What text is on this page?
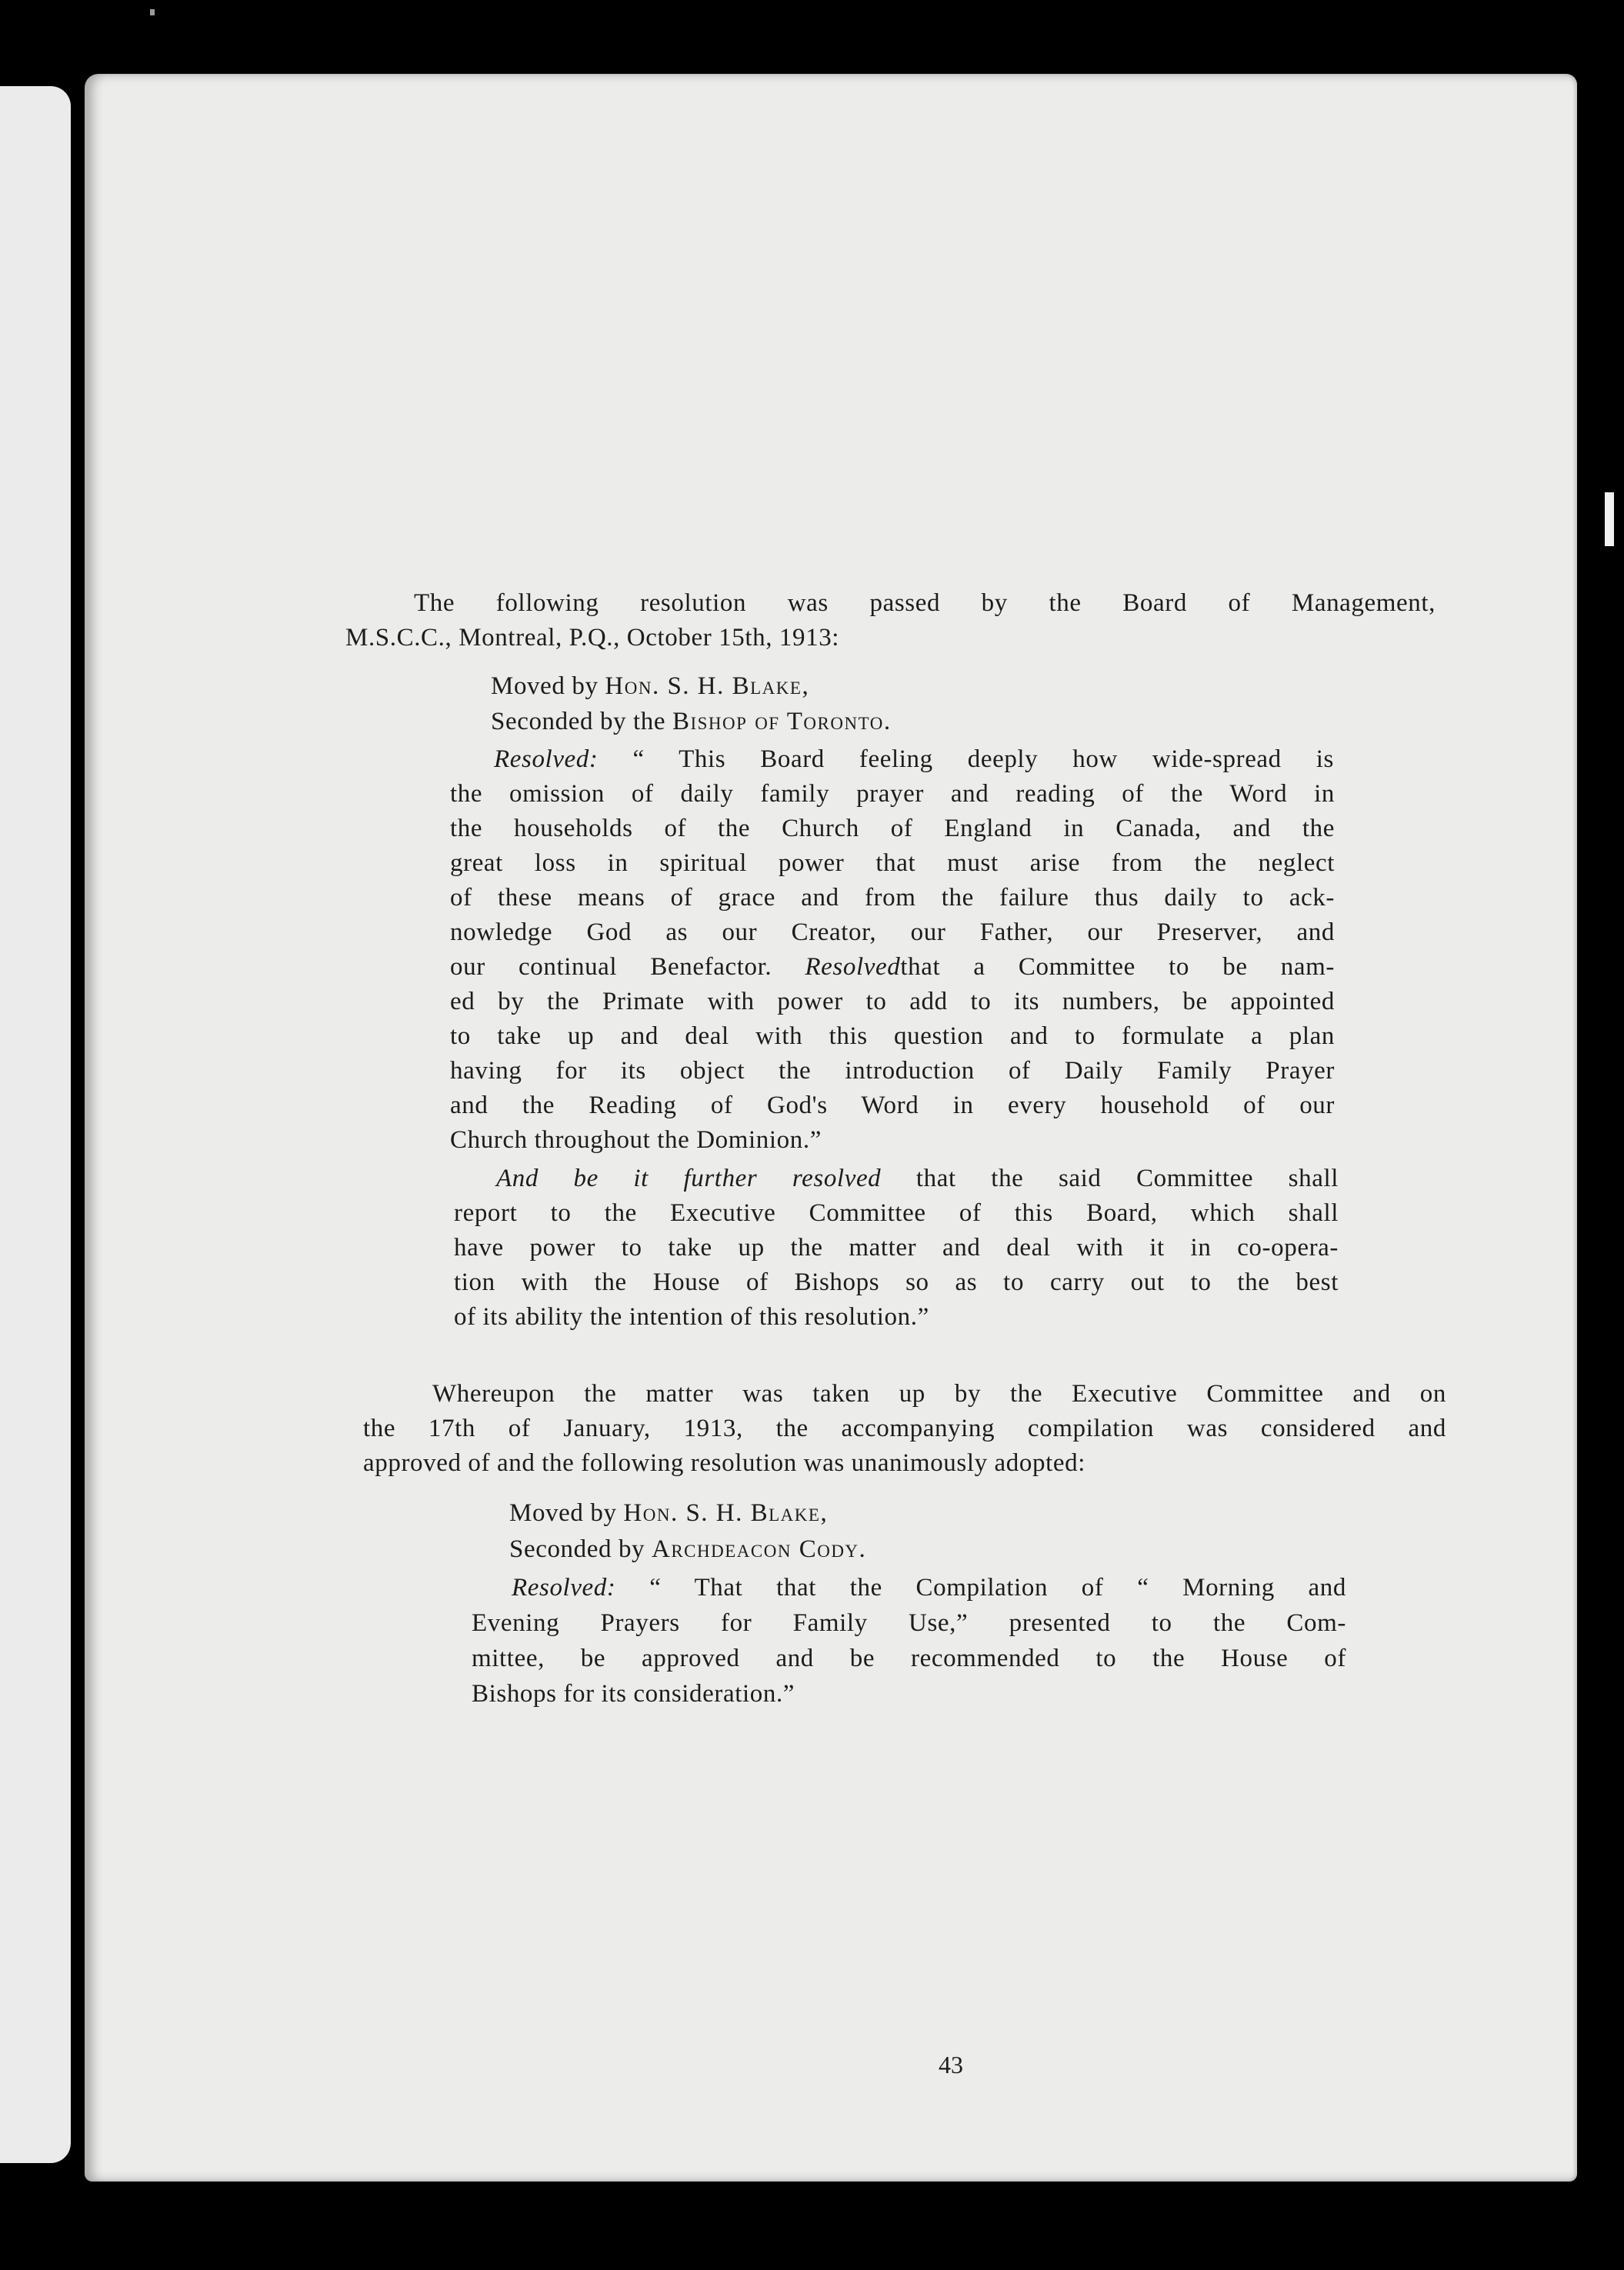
The following resolution was passed by the Board of Management,
M.S.C.C., Montreal, P.Q., October 15th, 1913:
Moved by Hon. S. H. Blake,
Seconded by the Bishop of Toronto.
Resolved: “ This Board feeling deeply how wide-spread is
the omission of daily family prayer and reading of the Word in
the households of the Church of England in Canada, and the
great loss in spiritual power that must arise from the neglect
of these means of grace and from the failure thus daily to ack-
nowledge God as our Creator, our Father, our Preserver, and
our continual Benefactor. Resolvedthat a Committee to be nam-
ed by the Primate with power to add to its numbers, be appointed
to take up and deal with this question and to formulate a plan
having for its object the introduction of Daily Family Prayer
and the Reading of God's Word in every household of our
Church throughout the Dominion.”
And be it further resolved that the said Committee shall
report to the Executive Committee of this Board, which shall
have power to take up the matter and deal with it in co-opera-
tion with the House of Bishops so as to carry out to the best
of its ability the intention of this resolution.”
Whereupon the matter was taken up by the Executive Committee and on
the 17th of January, 1913, the accompanying compilation was considered and
approved of and the following resolution was unanimously adopted:
Moved by Hon. S. H. Blake,
Seconded by Archdeacon Cody.
Resolved: “ That that the Compilation of “ Morning and
Evening Prayers for Family Use,” presented to the Com-
mittee, be approved and be recommended to the House of
Bishops for its consideration.”
43
